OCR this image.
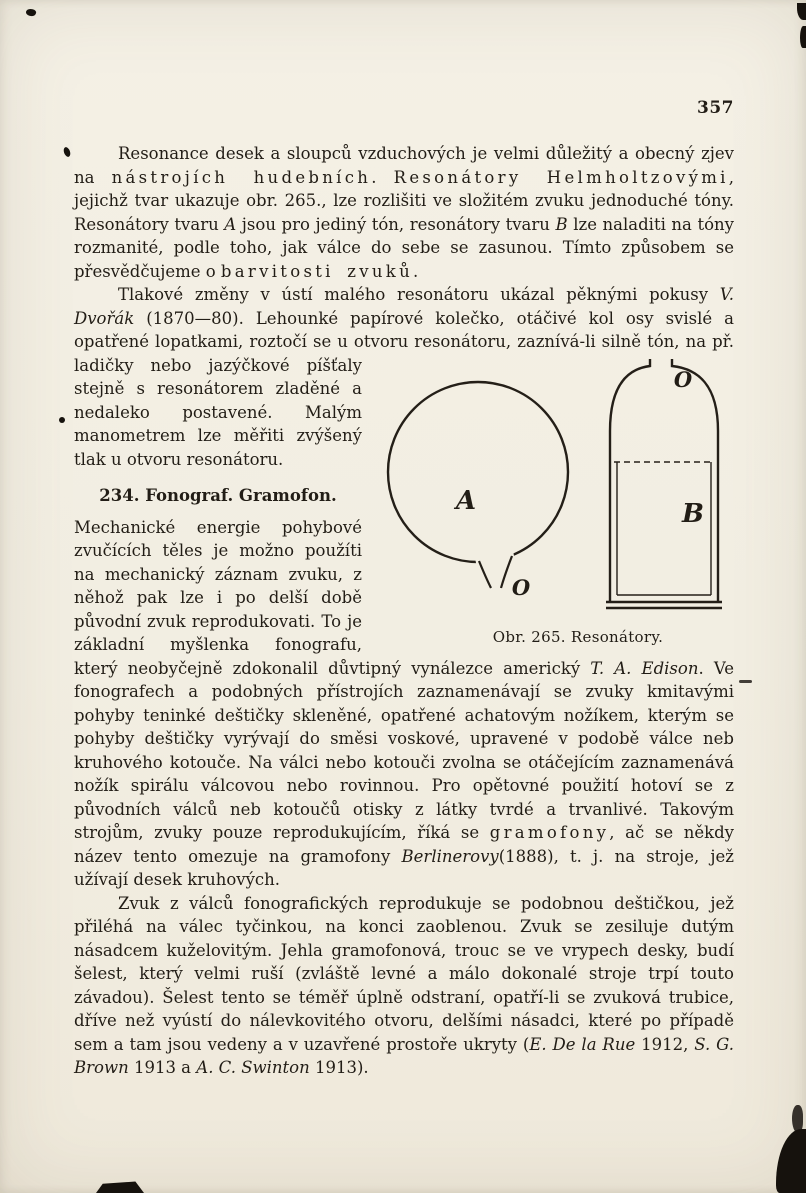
357
Resonance desek a sloupců vzduchových je velmi důležitý a obecný zjev na nástrojích hudebních. Resonátory Helmholtzovými, jejichž tvar ukazuje obr. 265., lze rozlišiti ve složitém zvuku jednoduché tóny. Resonátory tvaru A jsou pro jediný tón, resonátory tvaru B lze naladiti na tóny rozmanité, podle toho, jak válce do sebe se zasunou. Tímto způsobem se přesvědčujeme o barvitosti zvuků.
Tlakové změny v ústí malého resonátoru ukázal pěknými pokusy V. Dvořák (1870—80). Lehounké papírové kolečko, otáčivé kol osy svislé a opatřené lopatkami, roztočí se u otvoru resonátoru,
A
O
O
B
Obr. 265. Resonátory.
zaznívá-li silně tón, na př. ladičky nebo jazýčkové píšťaly stejně s resonátorem zladěné a nedaleko postavené. Malým manometrem lze měřiti zvýšený tlak u otvoru resonátoru.
234. Fonograf. Gramofon.
Mechanické energie pohybové zvučících těles je možno použíti na mechanický záznam zvuku, z něhož pak lze i po delší době původní zvuk reprodukovati. To je základní myšlenka fonografu, který neobyčejně zdokonalil důvtipný vynálezce americký T. A. Edison. Ve fonografech a podobných přístrojích zaznamenávají se zvuky kmitavými pohyby teninké deštičky skleněné, opatřené achatovým nožíkem, kterým se pohyby deštičky vyrývají do směsi voskové, upravené v podobě válce neb kruhového kotouče. Na válci nebo kotouči zvolna se otáčejícím zaznamenává nožík spirálu válcovou nebo rovinnou. Pro opětovné použití hotoví se z původních válců neb kotoučů otisky z látky tvrdé a trvanlivé. Takovým strojům, zvuky pouze reprodukujícím, říká se gramofony, ač se někdy název tento omezuje na gramofony Berlinerovy(1888), t. j. na stroje, jež užívají desek kruhových.
Zvuk z válců fonografických reprodukuje se podobnou deštičkou, jež přiléhá na válec tyčinkou, na konci zaoblenou. Zvuk se zesiluje dutým násadcem kuželovitým. Jehla gramofonová, trouc se ve vrypech desky, budí šelest, který velmi ruší (zvláště levné a málo dokonalé stroje trpí touto závadou). Šelest tento se téměř úplně odstraní, opatří-li se zvuková trubice, dříve než vyústí do nálevkovitého otvoru, delšími násadci, které po případě sem a tam jsou vedeny a v uzavřené prostoře ukryty (E. De la Rue 1912, S. G. Brown 1913 a A. C. Swinton 1913).
